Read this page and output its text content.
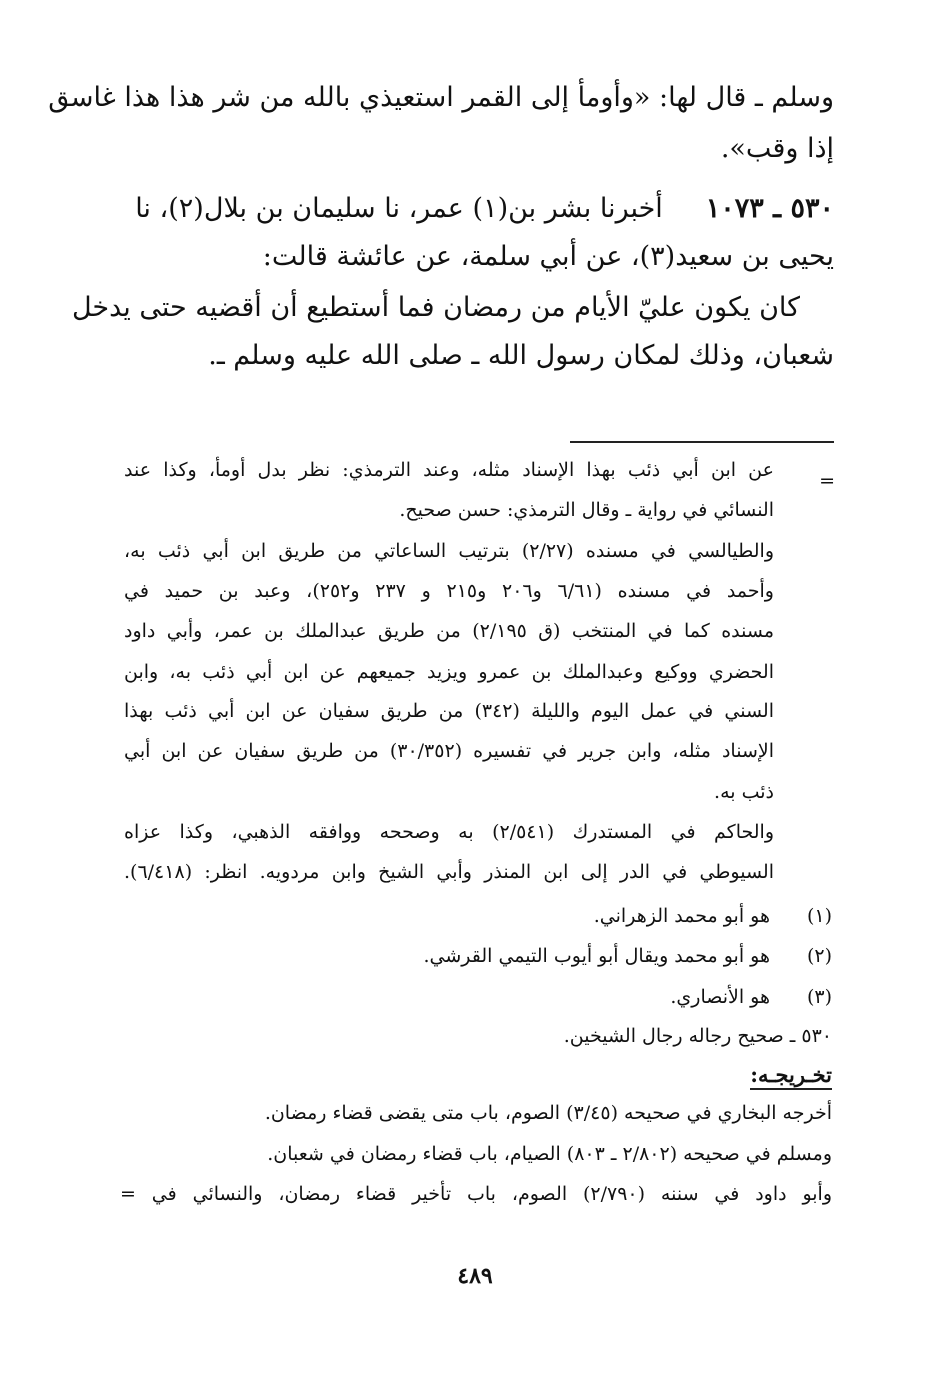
وسلم ـ قال لها: «وأومأ إلى القمر استعيذي بالله من شر هذا هذا غاسق
إذا وقب».
٥٣٠ ـ ١٠٧٣     أخبرنا بشر بن(١) عمر، نا سليمان بن بلال(٢)، نا
يحيى بن سعيد(٣)، عن أبي سلمة، عن عائشة قالت:
كان يكون عليّ الأيام من رمضان فما أستطيع أن أقضيه حتى يدخل
شعبان، وذلك لمكان رسول الله ـ صلى الله عليه وسلم ـ.
=
عن ابن أبي ذئب بهذا الإسناد مثله، وعند الترمذي: نظر بدل أومأ، وكذا عند
النسائي في رواية ـ وقال الترمذي: حسن صحيح.
والطيالسي في مسنده (٢/٢٧) بترتيب الساعاتي من طريق ابن أبي ذئب به،
وأحمد في مسنده (٦/٦١ و٢٠٦ و٢١٥ و ٢٣٧ و٢٥٢)، وعبد بن حميد في
مسنده كما في المنتخب (ق ٢/١٩٥) من طريق عبدالملك بن عمر، وأبي داود
الحضري ووكيع وعبدالملك بن عمرو ويزيد جميعهم عن ابن أبي ذئب به، وابن
السني في عمل اليوم والليلة (٣٤٢) من طريق سفيان عن ابن أبي ذئب بهذا
الإسناد مثله، وابن جرير في تفسيره (٣٠/٣٥٢) من طريق سفيان عن ابن أبي
ذئب به.
والحاكم في المستدرك (٢/٥٤١) به وصححه ووافقه الذهبي، وكذا عزاه
السيوطي في الدر إلى ابن المنذر وأبي الشيخ وابن مردويه. انظر: (٦/٤١٨).
(١)
هو أبو محمد الزهراني.
(٢)
هو أبو محمد ويقال أبو أيوب التيمي القرشي.
(٣)
هو الأنصاري.
٥٣٠ ـ صحيح رجاله رجال الشيخين.
تخـريجـه:
أخرجه البخاري في صحيحه (٣/٤٥) الصوم، باب متى يقضى قضاء رمضان.
ومسلم في صحيحه (٢/٨٠٢ ـ ٨٠٣) الصيام، باب قضاء رمضان في شعبان.
وأبو داود في سننه (٢/٧٩٠) الصوم، باب تأخير قضاء رمضان، والنسائي في =
٤٨٩
